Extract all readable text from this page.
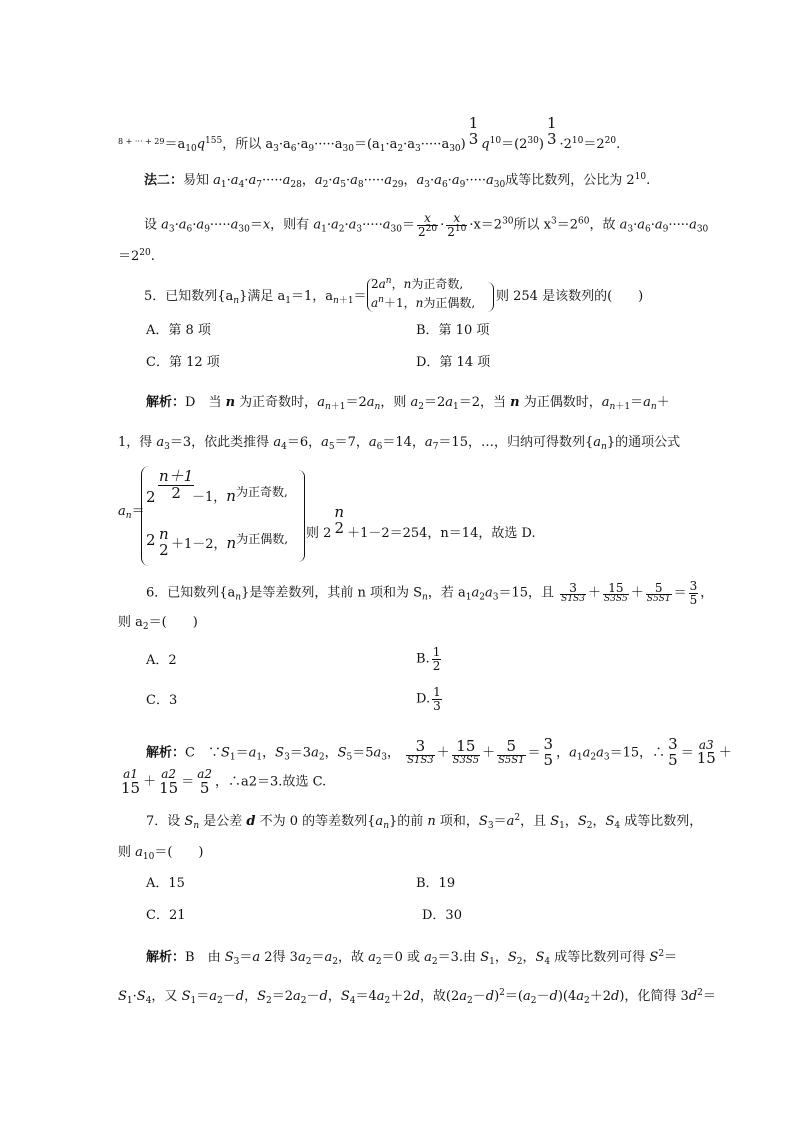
$^{8 + \cdot\cdot\cdot + 29}=a_{10}q^{155}$，所以 $a_3\cdot a_6\cdot a_9\cdot\cdot\cdot\cdot\cdot a_{30}=(a_1\cdot a_2\cdot a_3\cdot\cdot\cdot\cdot\cdot a_{30})$
1
3 $q^{10}=(2^{30})$
1
$3 \cdot 2^{10}=2^{20}$.
法二：易知 $a_1\cdot a_4\cdot a_7\cdot\cdot\cdot\cdot\cdot a_{28}$，$a_2\cdot a_5\cdot a_8\cdot\cdot\cdot\cdot\cdot a_{29}$，$a_3\cdot a_6\cdot a_9\cdot\cdot\cdot\cdot\cdot a_{30}$成等比数列，公比为 $2^{10}$.
设 $a_3\cdot a_6\cdot a_9\cdot\cdot\cdot\cdot\cdot a_{30}=x$，则有 $a_1\cdot a_2\cdot a_3\cdot\cdot\cdot\cdot\cdot a_{30}= \frac{x}{2^{20}} \cdot \frac{x}{2^{10}} \cdot x=2^{30}$所以 $x^3=2^{60}$，故 $a_3\cdot a_6\cdot a_9\cdot\cdot\cdot\cdot\cdot a_{30}$
$=2^{20}$.
5．已知数列$\{a_n\}$满足 $a_1=1$，$a_{n+1}=$
$2a^n$，n为正奇数,
$a^n+1$，n为正偶数, 则 254 是该数列的(　　)
A．第 8 项	B．第 10 项
C．第 12 项	D．第 14 项
解析：D　当 n 为正奇数时，$a_{n+1}=2a_n$，则 $a_2=2a_1=2$，当 n 为正偶数时，$a_{n+1}=a_n+$
1，得 $a_3=3$，依此类推得 $a_4=6$，$a_5=7$，$a_6=14$，$a_7=15$，…，归纳可得数列$\{a_n\}$的通项公式
$a_n=$
$\frac{n+1}{2}$
2	－1，n为正奇数,
2 n
2 ＋1－2，n为正偶数, 则 2
n
2 ＋1－2＝254，n＝14，故选 D.
6．已知数列$\{a_n\}$是等差数列，其前 n 项和为 $S_n$，若 $a_1a_2a_3=15$，且 $\frac{3}{S1S3} + \frac{15}{S3S5} + \frac{5}{S5S1} = \frac{3}{5}$ ，
则 $a_2=$(　　)
A．2	B. $\frac{1}{2}$
C．3	D. $\frac{1}{3}$
解析：C　$\because S_1=a_1$，$S_3=3a_2$，$S_5=5a_3$， $\frac{3}{S1S3} + \frac{15}{S3S5} + \frac{5}{S5S1} = 3$
5 ，$a_1a_2a_3=15$，∴ 3
5 ＝
a3
15 ＋
a1
15 ＋
a2
15 ＝
a2
5 ，∴a2＝3.故选 C.
7．设 $S_n$ 是公差 d 不为 0 的等差数列$\{a_n\}$的前 n 项和，$S_3=a^2$，且 $S_1$，$S_2$，$S_4$ 成等比数列，
则 $a_{10}=$(　　)
A．15	B．19
C．21	D．30
解析：B　由 $S_3=a$ 2得 $3a_2=a_2$，故 $a_2=0$ 或 $a_2=3$.由 $S_1$，$S_2$，$S_4$ 成等比数列可得 $S^2=$
$S_1\cdot S_4$，又 $S_1=a_2-d$，$S_2=2a_2-d$，$S_4=4a_2+2d$，故$(2a_2-d)^2=(a_2-d)(4a_2+2d)$，化简得 $3d^2=$
